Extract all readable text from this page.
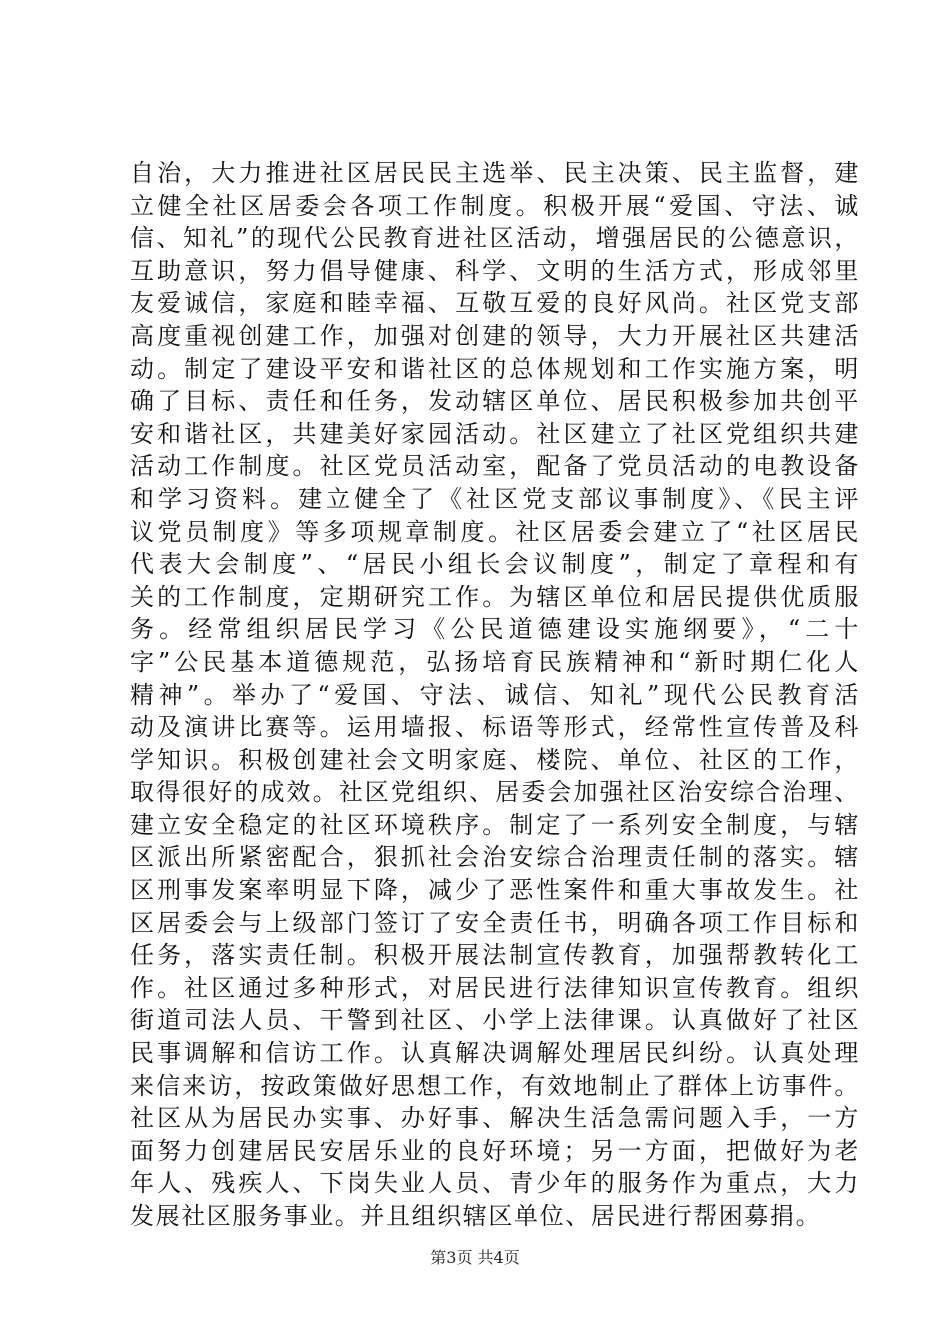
自治，大力推进社区居民民主选举、民主决策、民主监督，建
立健全社区居委会各项工作制度。积极开展“爱国、守法、诚
信、知礼”的现代公民教育进社区活动，增强居民的公德意识，
互助意识，努力倡导健康、科学、文明的生活方式，形成邻里
友爱诚信，家庭和睦幸福、互敬互爱的良好风尚。社区党支部
高度重视创建工作，加强对创建的领导，大力开展社区共建活
动。制定了建设平安和谐社区的总体规划和工作实施方案，明
确了目标、责任和任务，发动辖区单位、居民积极参加共创平
安和谐社区，共建美好家园活动。社区建立了社区党组织共建
活动工作制度。社区党员活动室，配备了党员活动的电教设备
和学习资料。建立健全了《社区党支部议事制度》、《民主评
议党员制度》等多项规章制度。社区居委会建立了“社区居民
代表大会制度”、“居民小组长会议制度”，制定了章程和有
关的工作制度，定期研究工作。为辖区单位和居民提供优质服
务。经常组织居民学习《公民道德建设实施纲要》，“二十
字”公民基本道德规范，弘扬培育民族精神和“新时期仁化人
精神”。举办了“爱国、守法、诚信、知礼”现代公民教育活
动及演讲比赛等。运用墙报、标语等形式，经常性宣传普及科
学知识。积极创建社会文明家庭、楼院、单位、社区的工作，
取得很好的成效。社区党组织、居委会加强社区治安综合治理、
建立安全稳定的社区环境秩序。制定了一系列安全制度，与辖
区派出所紧密配合，狠抓社会治安综合治理责任制的落实。辖
区刑事发案率明显下降，减少了恶性案件和重大事故发生。社
区居委会与上级部门签订了安全责任书，明确各项工作目标和
任务，落实责任制。积极开展法制宣传教育，加强帮教转化工
作。社区通过多种形式，对居民进行法律知识宣传教育。组织
街道司法人员、干警到社区、小学上法律课。认真做好了社区
民事调解和信访工作。认真解决调解处理居民纠纷。认真处理
来信来访，按政策做好思想工作，有效地制止了群体上访事件。
社区从为居民办实事、办好事、解决生活急需问题入手，一方
面努力创建居民安居乐业的良好环境；另一方面，把做好为老
年人、残疾人、下岗失业人员、青少年的服务作为重点，大力
发展社区服务事业。并且组织辖区单位、居民进行帮困募捐。
第3页 共4页
